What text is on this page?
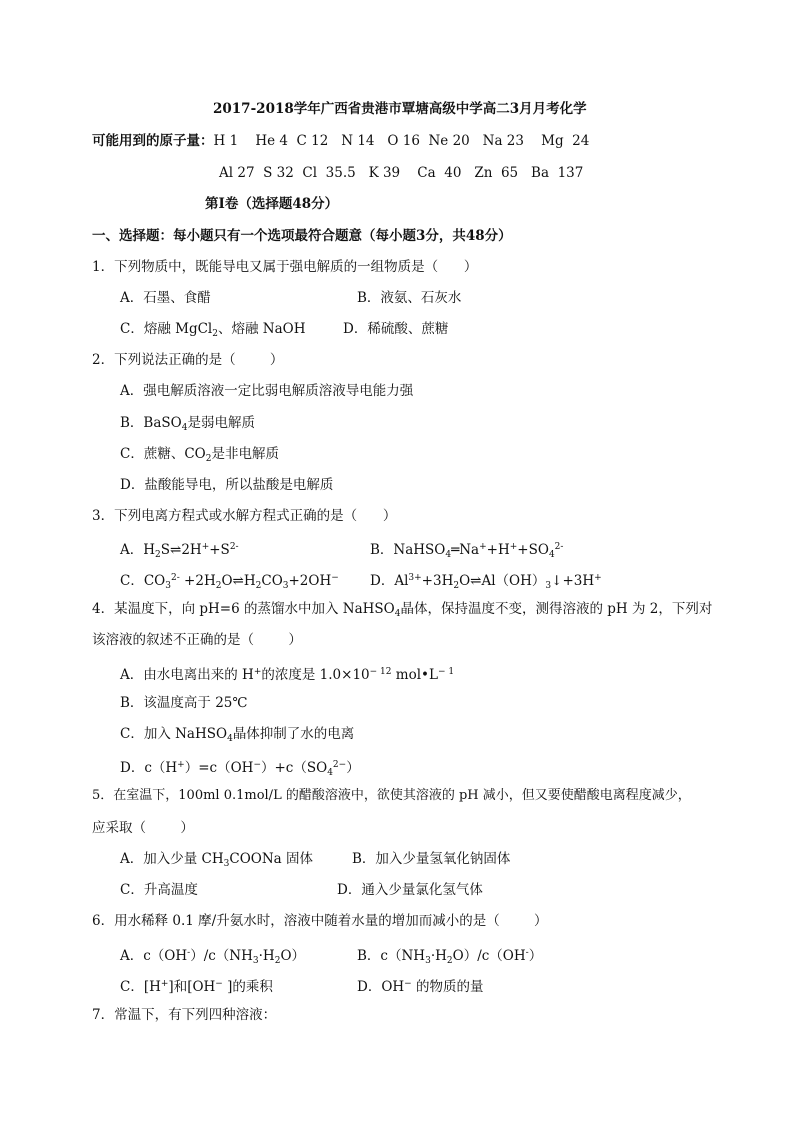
2017-2018学年广西省贵港市覃塘高级中学高二3月月考化学
可能用到的原子量：H 1    He 4  C 12   N 14   O 16  Ne 20   Na 23    Mg  24
Al 27  S 32  Cl  35.5   K 39    Ca  40   Zn  65   Ba  137
第Ⅰ卷（选择题48分）
一、选择题：每小题只有一个选项最符合题意（每小题3分，共48分）
1．下列物质中，既能导电又属于强电解质的一组物质是（      ）
A．石墨、食醋	B．液氨、石灰水
C．熔融 MgCl$_2$、熔融 NaOH	D．稀硫酸、蔗糖
2．下列说法正确的是（        ）
A．强电解质溶液一定比弱电解质溶液导电能力强
B．BaSO$_4$是弱电解质
C．蔗糖、$CO_2$是非电解质
D．盐酸能导电，所以盐酸是电解质
3．下列电离方程式或水解方程式正确的是（      ）
A．$H_2S\rightleftharpoons 2H^++S^{2-}$	B．$NaHSO_4═Na^++H^++SO_4^{2-}$
C．$CO_3^{2-}$ $+2H_2O\rightleftharpoons H_2CO_3+2OH^-$ D．$Al^{3+}+3H_2O\rightleftharpoons Al(OH)_3↓+3H^+$
4．某温度下，向 pH=6 的蒸馏水中加入 NaHSO$_4$晶体，保持温度不变，测得溶液的 pH 为 2，下列对
该溶液的叙述不正确的是（        ）
A．由水电离出来的 H+的浓度是 $1.0\times 10^{- 12}$ $mol•L^{- 1}$
B．该温度高于 25℃
C．加入 NaHSO$_4$晶体抑制了水的电离
D．$c(H^+)=c(OH^-)+c(SO_4^{2-})$
5．在室温下，100ml 0.1mol/L 的醋酸溶液中，欲使其溶液的 pH 减小，但又要使醋酸电离程度减少，
应采取（        ）
A．加入少量 $CH_3COONa$ 固体	B．加入少量氢氧化钠固体
C．升高温度	D．通入少量氯化氢气体
6．用水稀释 0.1 摩/升氨水时，溶液中随着水量的增加而减小的是（        ）
A．$c(OH^-)/c(NH_3\cdot H_2O)$	B．$c(NH_3\cdot H_2O)/c(OH^-)$
C．[H+]和[OH− ]的乘积	D．OH− 的物质的量
7．常温下，有下列四种溶液：
